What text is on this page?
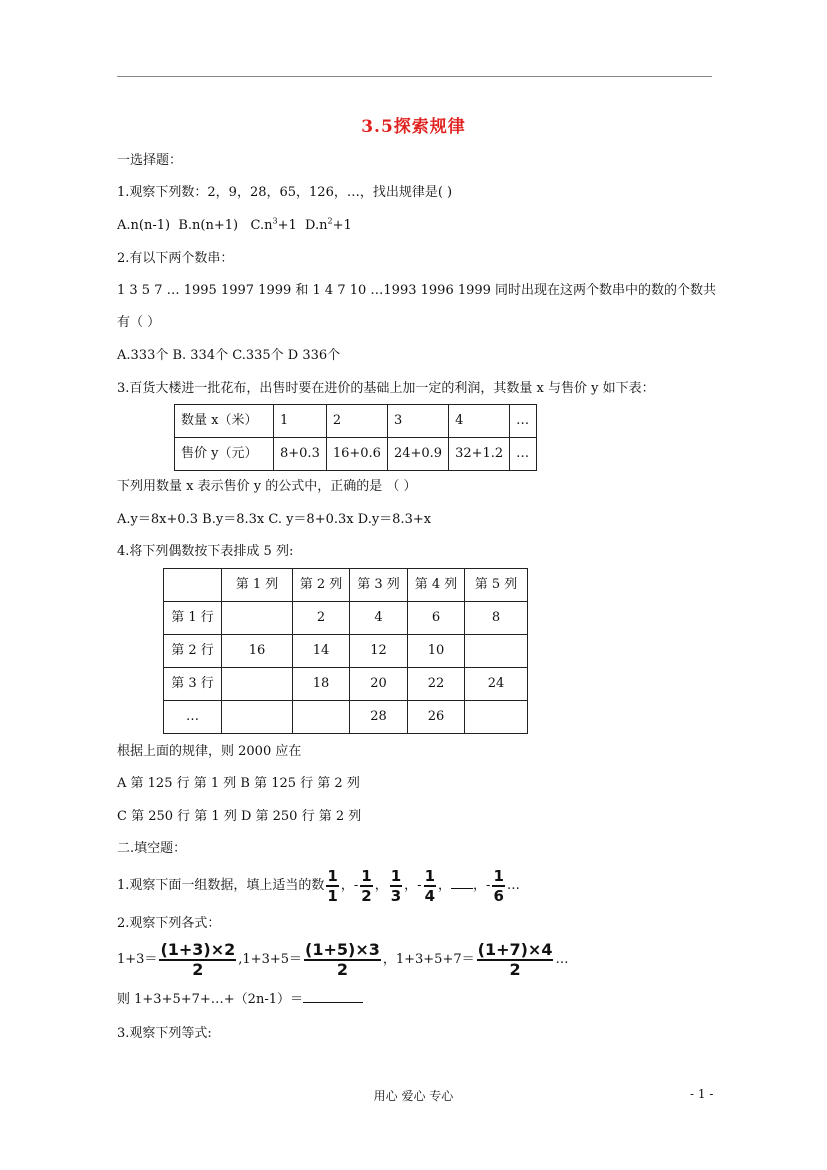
3.5探索规律
一选择题：
1.观察下列数：2，9，28，65，126，…，找出规律是( )
A.n(n-1) B.n(n+1) $C.n^3+1$ $D.n^2+1$
2.有以下两个数串：
1 3 5 7 … 1995 1997 1999 和 1 4 7 10 …1993 1996 1999 同时出现在这两个数串中的数的个数共
有（ ）
A.333个 B. 334个 C.335个 D 336个
3.百货大楼进一批花布，出售时要在进价的基础上加一定的利润，其数量 x 与售价 y 如下表：
数量 x（米）	1	2	3	4	…
售价 y（元）	8+0.3	16+0.6	24+0.9	32+1.2	…
下列用数量 x 表示售价 y 的公式中，正确的是 （ ）
A.y＝8x+0.3 B.y＝8.3x C. y＝8+0.3x D.y＝8.3+x
4.将下列偶数按下表排成 5 列:
	第 1 列	第 2 列	第 3 列	第 4 列	第 5 列
第 1 行		2	4	6	8
第 2 行	16	14	12	10	
第 3 行		18	20	22	24
…			28	26	
根据上面的规律，则 2000 应在
A 第 125 行 第 1 列 B 第 125 行 第 2 列
C 第 250 行 第 1 列 D 第 250 行 第 2 列
二.填空题：
1.观察下面一组数据，填上适当的数 $\frac{1}{1}$ ，- $\frac{1}{2}$ ， $\frac{1}{3}$ ，- $\frac{1}{4}$ ， ，- $\frac{1}{6}$ …
2.观察下列各式：
$1+3= \frac{(1+3)\times 2}{2} ,1+3+5= \frac{(1+5)\times 3}{2}$ ，$1+3+5+7= \frac{(1+7)\times 4}{2}$ …
则 1+3+5+7+…+（2n-1）＝
3.观察下列等式:
用心 爱心 专心	- 1 -
